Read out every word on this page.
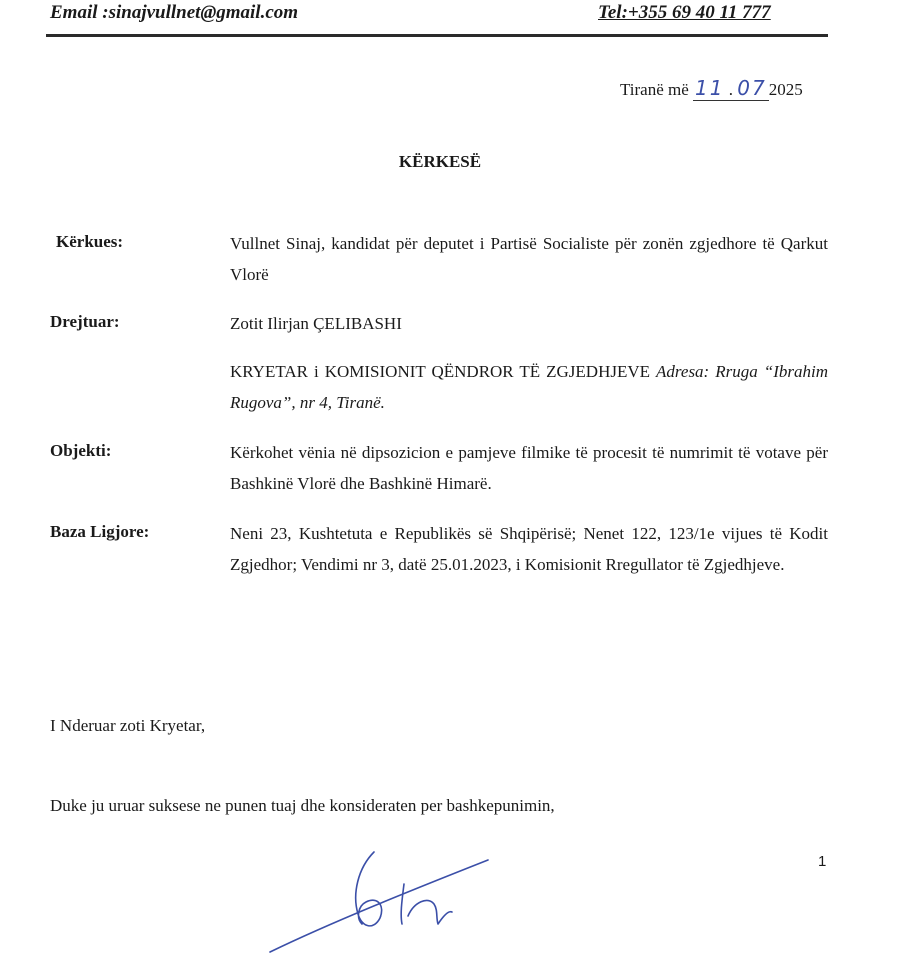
Email :sinajvullnet@gmail.com	Tel:+355 69 40 11 777
Tiranë më 11 . 07 2025
KËRKESË
Kërkues:	Vullnet Sinaj, kandidat për deputet i Partisë Socialiste për zonën zgjedhore të Qarkut Vlorë
Drejtuar:	Zotit Ilirjan ÇELIBASHI
KRYETAR i KOMISIONIT QËNDROR TË ZGJEDHJEVE Adresa: Rruga “Ibrahim Rugova”, nr 4, Tiranë.
Objekti:	Kërkohet vënia në dipsozicion e pamjeve filmike të procesit të numrimit të votave për Bashkinë Vlorë dhe Bashkinë Himarë.
Baza Ligjore:	Neni 23, Kushtetuta e Republikës së Shqipërisë; Nenet 122, 123/1e vijues të Kodit Zgjedhor; Vendimi nr 3, datë 25.01.2023, i Komisionit Rregullator të Zgjedhjeve.
I Nderuar zoti Kryetar,
Duke ju uruar suksese ne punen tuaj dhe konsideraten per bashkepunimin,
1
